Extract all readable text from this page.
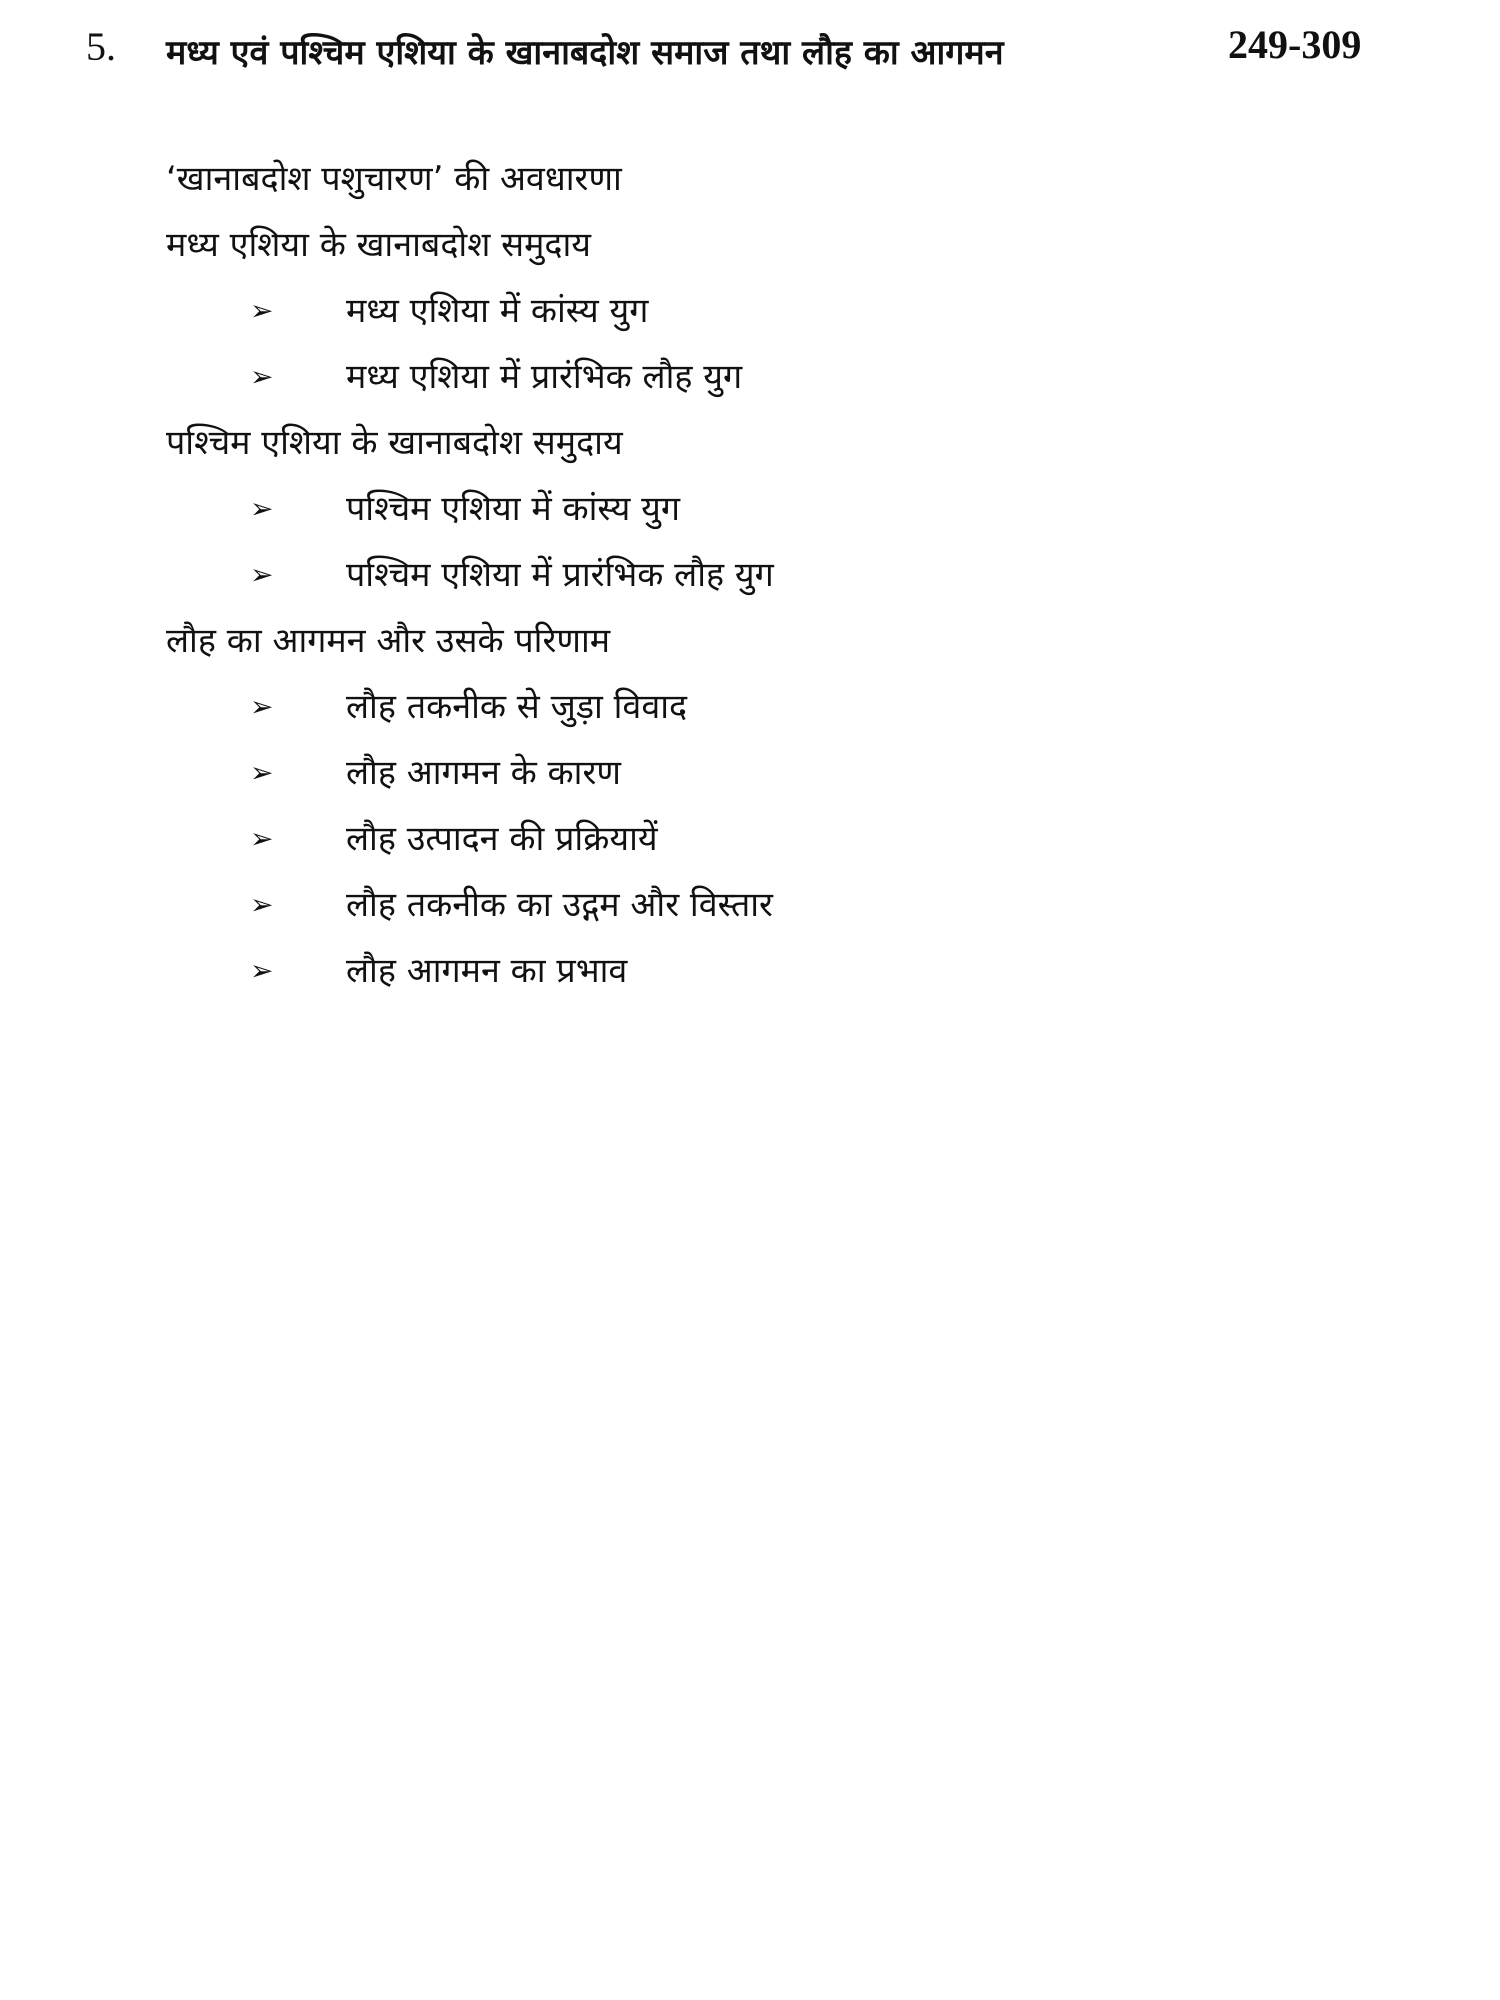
5. मध्य एवं पश्चिम एशिया के खानाबदोश समाज तथा लौह का आगमन	249-309
‘खानाबदोश पशुचारण’ की अवधारणा
मध्य एशिया के खानाबदोश समुदाय
➢ मध्य एशिया में कांस्य युग
➢ मध्य एशिया में प्रारंभिक लौह युग
पश्चिम एशिया के खानाबदोश समुदाय
➢ पश्चिम एशिया में कांस्य युग
➢ पश्चिम एशिया में प्रारंभिक लौह युग
लौह का आगमन और उसके परिणाम
➢ लौह तकनीक से जुड़ा विवाद
➢ लौह आगमन के कारण
➢ लौह उत्पादन की प्रक्रियायें
➢ लौह तकनीक का उद्गम और विस्तार
➢ लौह आगमन का प्रभाव
